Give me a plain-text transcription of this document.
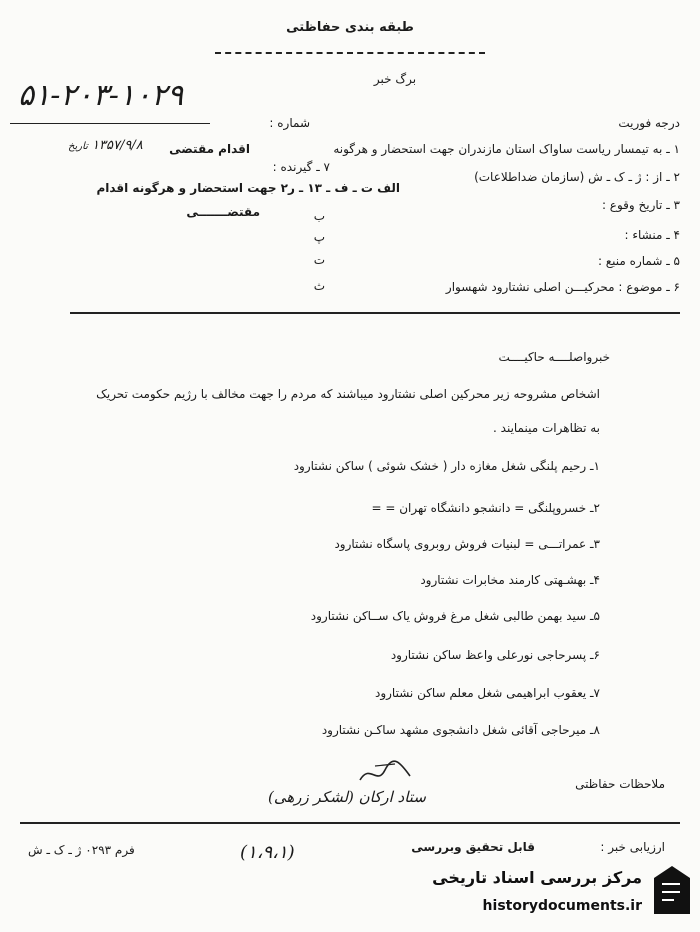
طبقه بندی حفاظتی
برگ خبر
۵۱-۲۰۳-۱۰۲۹
درجه فوریت
شماره :
۱ ـ به تیمسار ریاست ساواک استان مازندران جهت استحضار و هرگونه
اقدام مقتضی
۱۳۵۷/۹/۸ تاریخ
۷ ـ گیرنده :
۲ ـ از : ژ ـ ک ـ ش (سازمان ضداطلاعات)
الف ت ـ ف ـ ۱۳ ـ ر۲ جهت استحضار و هرگونه اقدام
مقتضـــــــی	۳ ـ تاریخ وقوع :
ب
۴ ـ منشاء :
پ
۵ ـ شماره منبع :
ت
۶ ـ موضوع : محرکیـــن اصلی نشتارود شهسوار
ث
خبرواصلــــه حاکیــــت
اشخاص مشروحه زیر محرکین اصلی نشتارود میباشند که مردم را جهت مخالف با رژیم حکومت تحریک
به تظاهرات مینمایند .
۱ـ رحیم پلنگی شغل مغازه دار ( خشک شوئی ) ساکن نشتارود
۲ـ خسروپلنگی = دانشجو دانشگاه تهران = =
۳ـ عمراتـــی = لبنیات فروش روبروی پاسگاه نشتارود
۴ـ بهشـهتی کارمند مخابرات نشتارود
۵ـ سید بهمن طالبی شغل مرغ فروش یاک ســاکن نشتارود
۶ـ پسرحاجی نورعلی واعظ ساکن نشتارود
۷ـ یعقوب ابراهیمی شغل معلم ساکن نشتارود
۸ـ میرحاجی آقائی شغل دانشجوی مشهد ساکـن نشتارود
ستاد ارکان (لشکر زرهی)
ملاحظات حفاظتی
ارزیابی خبر :
قابل تحقیق وبررسی
فرم ۰۲۹۳ ژ ـ ک ـ ش	(۱،۹،۱)
مرکز بررسی اسناد تاریخی
historydocuments.ir
